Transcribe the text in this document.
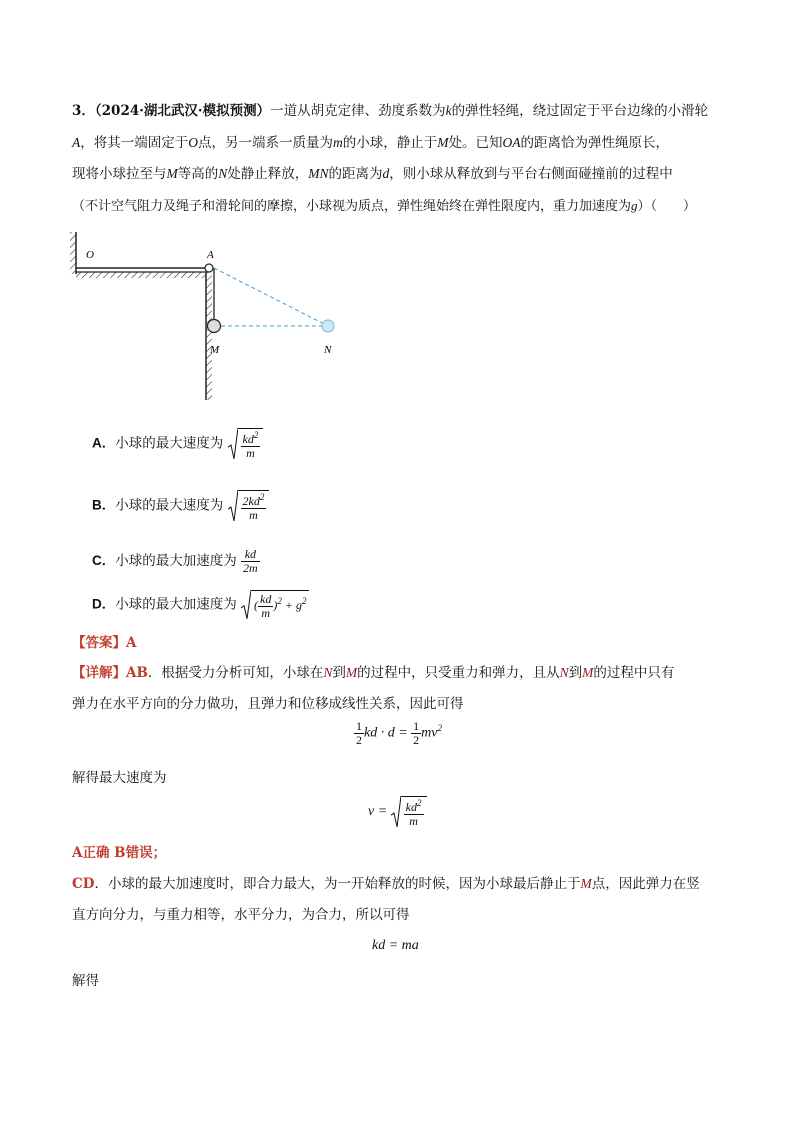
3．（2024·湖北武汉·模拟预测）一道从胡克定律、劲度系数为k的弹性轻绳，绕过固定于平台边缘的小滑轮
A，将其一端固定于O点，另一端系一质量为m的小球，静止于M处。已知OA的距离恰为弹性绳原长，
现将小球拉至与M等高的N处静止释放，MN的距离为d，则小球从释放到与平台右侧面碰撞前的过程中
（不计空气阻力及绳子和滑轮间的摩擦，小球视为质点，弹性绳始终在弹性限度内，重力加速度为g）（　　）
O	A
M	N
A．小球的最大速度为 $\frac{kd^2}{m}$
B．小球的最大速度为 $\frac{2kd^2}{m}$
C．小球的最大加速度为 $\frac{kd}{2m}$
D．小球的最大加速度为 ( $\frac{kd}{m} )^2 + g^2$
【答案】A
【详解】AB．根据受力分析可知，小球在N到M的过程中，只受重力和弹力，且从N到M的过程中只有
弹力在水平方向的分力做功，且弹力和位移成线性关系，因此可得
$\frac{1}{2}$ kd · $d = \frac{1}{2} mv^2$
解得最大速度为
$v = \frac{kd^2}{m}$
A正确 B错误；
CD．小球的最大加速度时，即合力最大，为一开始释放的时候，因为小球最后静止于M点，因此弹力在竖
直方向分力，与重力相等，水平分力，为合力，所以可得
kd = ma
解得
